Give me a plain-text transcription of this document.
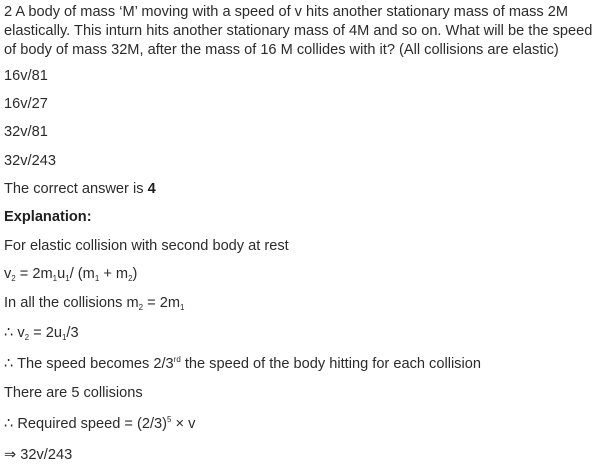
2 A body of mass ‘M’ moving with a speed of v hits another stationary mass of mass 2M elastically. This inturn hits another stationary mass of 4M and so on. What will be the speed of body of mass 32M, after the mass of 16 M collides with it? (All collisions are elastic)
16v/81
16v/27
32v/81
32v/243
The correct answer is 4
Explanation:
For elastic collision with second body at rest
$v_2 = 2m_1u_1/$ $(m_1 + m_2)$
In all the collisions $m_2 = 2m_1$
∴ $v_2 = 2u_1/3$
∴ The speed becomes 2/3rd the speed of the body hitting for each collision
There are 5 collisions
∴ Required speed = $(2/3)^5 \times v$
⇒ 32v/243
